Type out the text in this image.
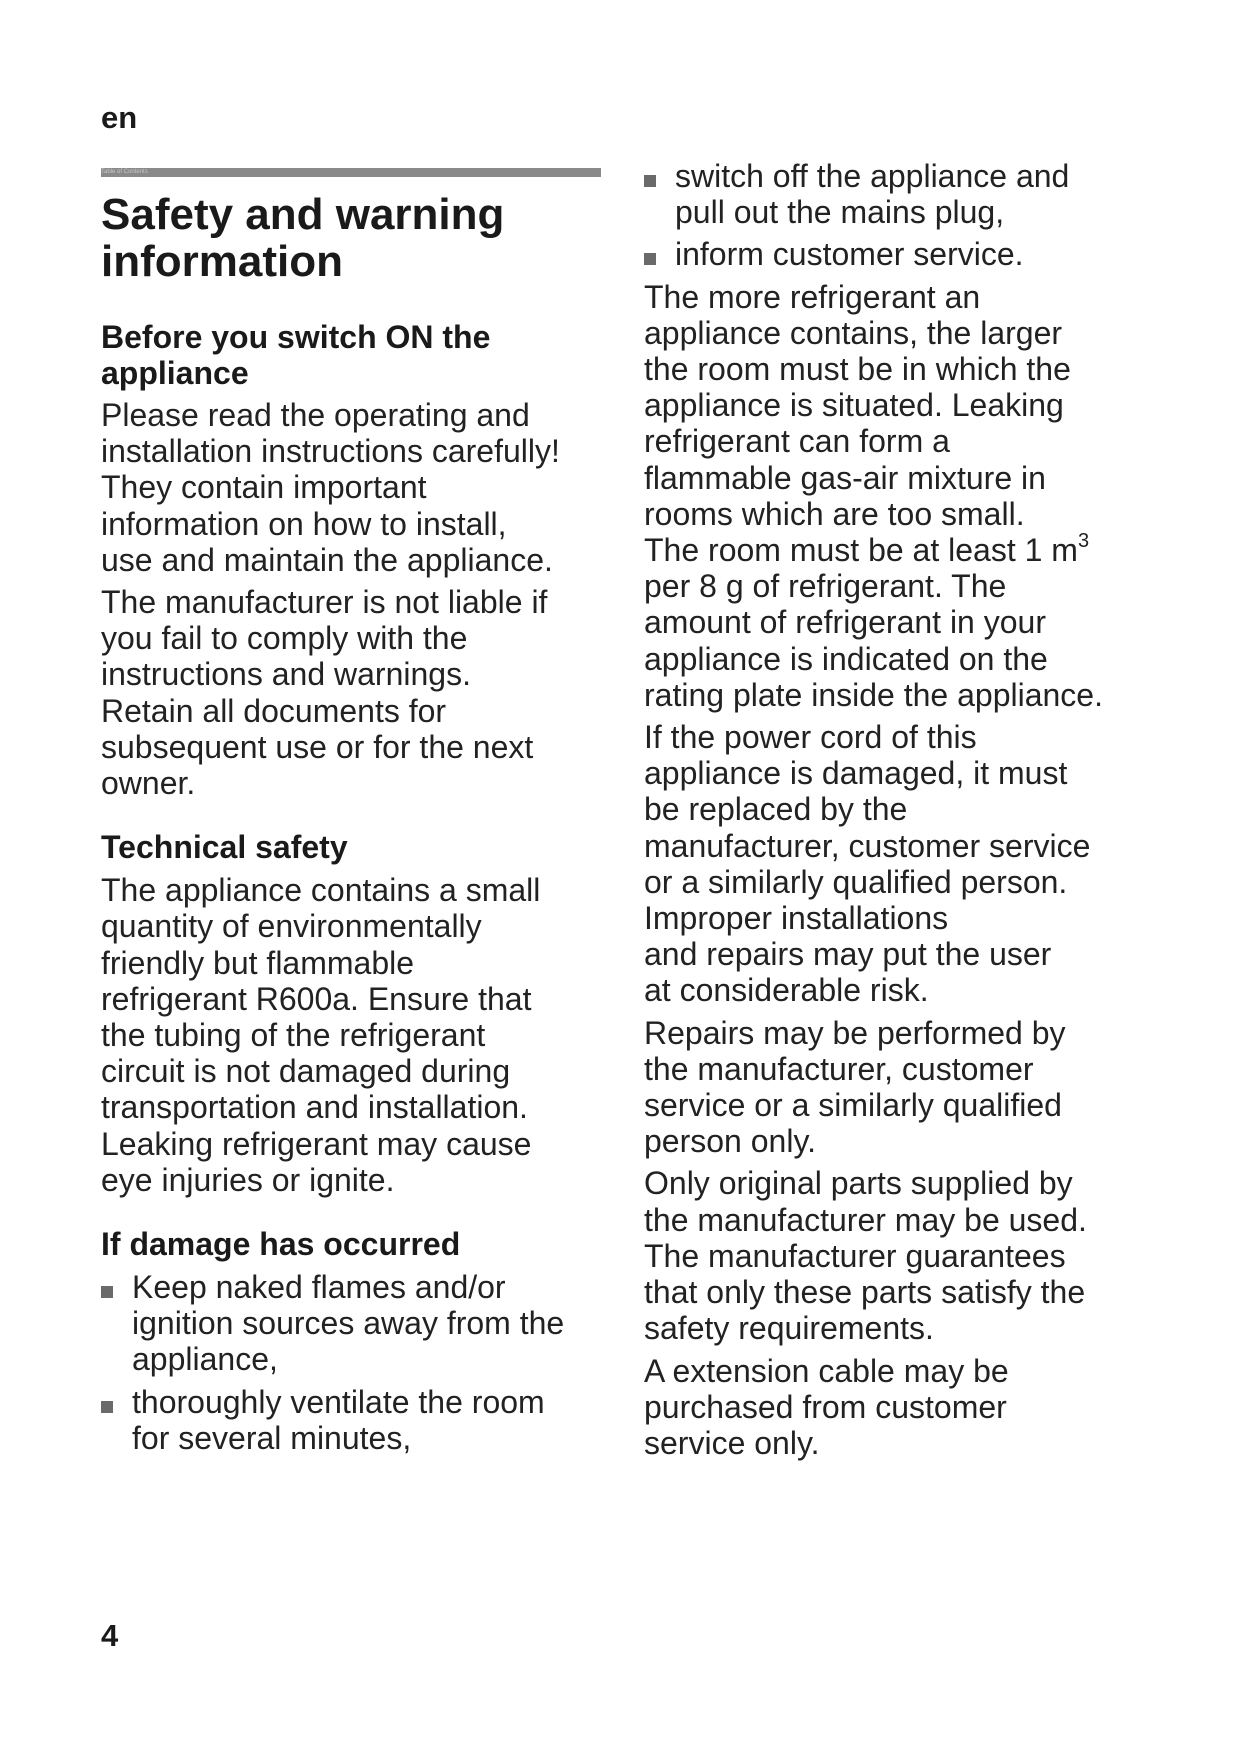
en
Table of Contents
Safety and warning
information
Before you switch ON the
appliance

Please read the operating and
installation instructions carefully!
They contain important
information on how to install,
use and maintain the appliance.

The manufacturer is not liable if
you fail to comply with the
instructions and warnings.
Retain all documents for
subsequent use or for the next
owner.

Technical safety

The appliance contains a small
quantity of environmentally
friendly but flammable
refrigerant R600a. Ensure that
the tubing of the refrigerant
circuit is not damaged during
transportation and installation.
Leaking refrigerant may cause
eye injuries or ignite.

If damage has occurred
Keep naked flames and/or
ignition sources away from the
appliance,
thoroughly ventilate the room
for several minutes,
switch off the appliance and
pull out the mains plug,
inform customer service.

The more refrigerant an
appliance contains, the larger
the room must be in which the
appliance is situated. Leaking
refrigerant can form a
flammable gas-air mixture in
rooms which are too small.
The room must be at least 1 $m^3$
per 8 g of refrigerant. The
amount of refrigerant in your
appliance is indicated on the
rating plate inside the appliance.

If the power cord of this
appliance is damaged, it must
be replaced by the
manufacturer, customer service
or a similarly qualified person.
Improper installations
and repairs may put the user
at considerable risk.

Repairs may be performed by
the manufacturer, customer
service or a similarly qualified
person only.

Only original parts supplied by
the manufacturer may be used.
The manufacturer guarantees
that only these parts satisfy the
safety requirements.

A extension cable may be
purchased from customer
service only.

4
